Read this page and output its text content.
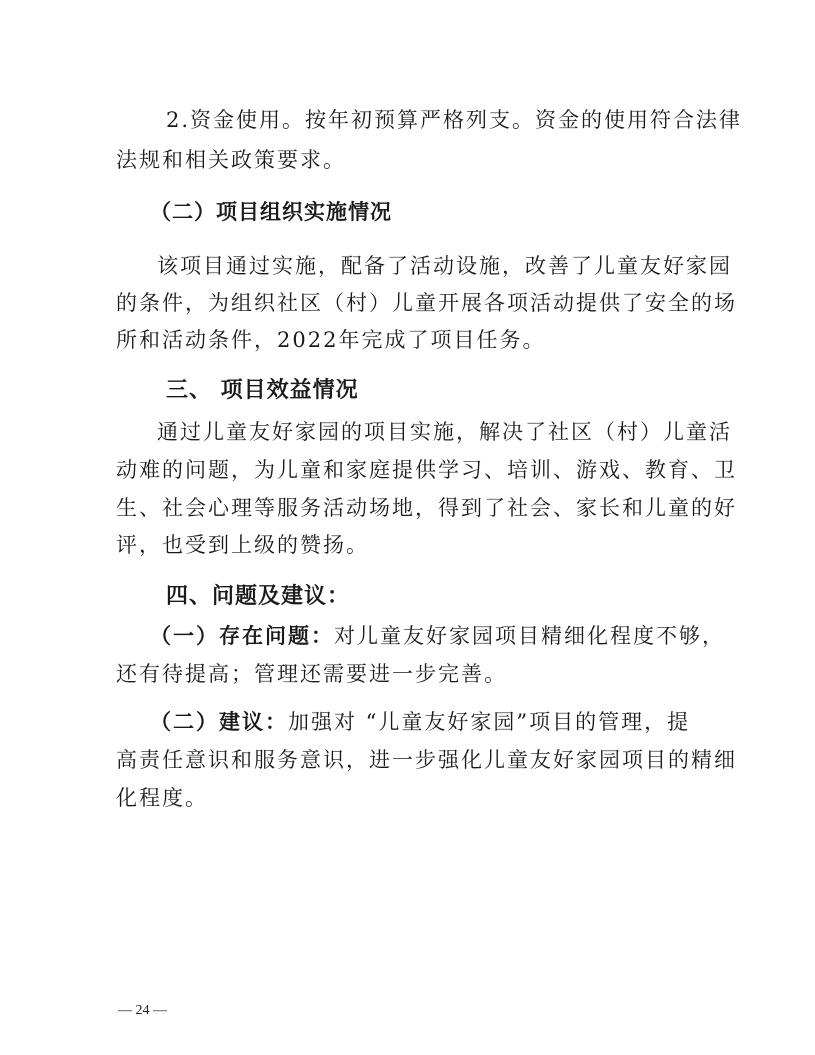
2.资金使用。按年初预算严格列支。资金的使用符合法律
法规和相关政策要求。
（二）项目组织实施情况
该项目通过实施，配备了活动设施，改善了儿童友好家园
的条件，为组织社区（村）儿童开展各项活动提供了安全的场
所和活动条件，2022年完成了项目任务。
三、 项目效益情况
通过儿童友好家园的项目实施，解决了社区（村）儿童活
动难的问题，为儿童和家庭提供学习、培训、游戏、教育、卫
生、社会心理等服务活动场地，得到了社会、家长和儿童的好
评，也受到上级的赞扬。
四、问题及建议：
（一）存在问题：对儿童友好家园项目精细化程度不够，
还有待提高；管理还需要进一步完善。
（二）建议：加强对 “儿童友好家园”项目的管理，提
高责任意识和服务意识，进一步强化儿童友好家园项目的精细
化程度。
— 24 —
